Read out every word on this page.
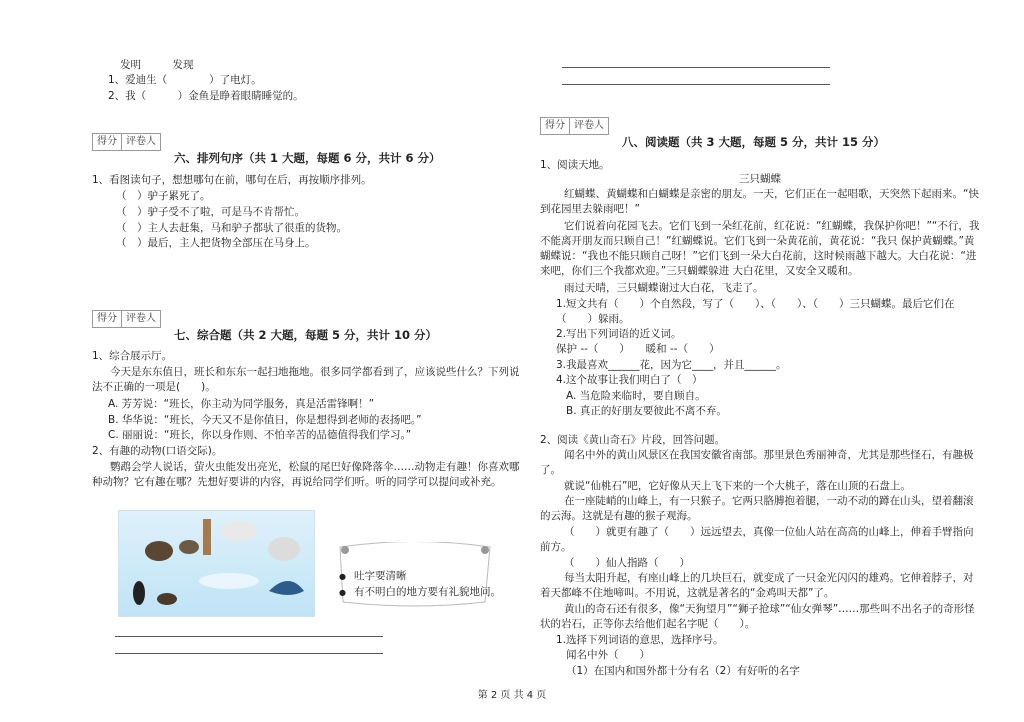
发明　　　发现
1、爱迪生（　　　　）了电灯。
2、我（　　　）金鱼是睁着眼睛睡觉的。
得分 评卷人
六、排列句序（共 1 大题，每题 6 分，共计 6 分）
1、看图读句子，想想哪句在前，哪句在后，再按顺序排列。
（　）驴子累死了。
（　）驴子受不了啦，可是马不肯帮忙。
（　）主人去赶集，马和驴子都驮了很重的货物。
（　）最后，主人把货物全部压在马身上。
得分 评卷人
七、综合题（共 2 大题，每题 5 分，共计 10 分）
1、综合展示厅。
今天是东东值日，班长和东东一起扫地拖地。很多同学都看到了，应该说些什么？下列说法不正确的一项是(　　)。
A. 芳芳说：“班长，你主动为同学服务，真是活雷锋啊！”
B. 华华说：“班长，今天又不是你值日，你是想得到老师的表扬吧。”
C. 丽丽说：“班长，你以身作则、不怕辛苦的品德值得我们学习。”
2、有趣的动物(口语交际)。
鹦鹉会学人说话，萤火虫能发出亮光，松鼠的尾巴好像降落伞……动物走有趣！你喜欢哪种动物？它有趣在哪？先想好要讲的内容，再说给同学们听。听的同学可以提问或补充。
● 吐字要清晰
● 有不明白的地方要有礼貌地问。
得分 评卷人
八、阅读题（共 3 大题，每题 5 分，共计 15 分）
1、阅读天地。
三只蝴蝶
红蝴蝶、黄蝴蝶和白蝴蝶是亲密的朋友。一天，它们正在一起唱歌，天突然下起雨来。“快到花园里去躲雨吧！”
它们说着向花园飞去。它们飞到一朵红花前，红花说：“红蝴蝶，我保护你吧！”“不行，我不能离开朋友而只顾自己！”红蝴蝶说。它们飞到一朵黄花前，黄花说：“我只 保护黄蝴蝶。”黄蝴蝶说：“我也不能只顾自己呀！”它们飞到一朵大白花前，这时候雨越下越大。大白花说：“进来吧，你们三个我都欢迎。”三只蝴蝶躲进 大白花里，又安全又暖和。
雨过天晴，三只蝴蝶谢过大白花，飞走了。
1.短文共有（　　）个自然段，写了（　　）、（　　）、（　　）三只蝴蝶。最后它们在（　　）躲雨。
2.写出下列词语的近义词。
保护 --（　　）　　暖和 --（　　）
3.我最喜欢______花，因为它____，并且______。
4.这个故事让我们明白了（　）
A. 当危险来临时，要自顾自。
B. 真正的好朋友要彼此不离不弃。
2、阅读《黄山奇石》片段，回答问题。
闻名中外的黄山风景区在我国安徽省南部。那里景色秀丽神奇，尤其是那些怪石，有趣极了。
就说“仙桃石”吧，它好像从天上飞下来的一个大桃子，落在山顶的石盘上。
在一座陡峭的山峰上，有一只猴子。它两只胳膊抱着腿，一动不动的蹲在山头，望着翻滚的云海。这就是有趣的猴子观海。
（　　）就更有趣了（　　）远远望去，真像一位仙人站在高高的山峰上，伸着手臂指向前方。
（　　）仙人指路（　　）
每当太阳升起，有座山峰上的几块巨石，就变成了一只金光闪闪的雄鸡。它伸着脖子，对着天都峰不住地啼叫。不用说，这就是著名的“金鸡叫天都”了。
黄山的奇石还有很多，像“天狗望月”“狮子抢球”“仙女弹琴”……那些叫不出名子的奇形怪状的岩石，正等你去给他们起名字呢（　　）。
1.选择下列词语的意思，选择序号。
闻名中外（　　）
（1）在国内和国外都十分有名（2）有好听的名字
第 2 页 共 4 页
